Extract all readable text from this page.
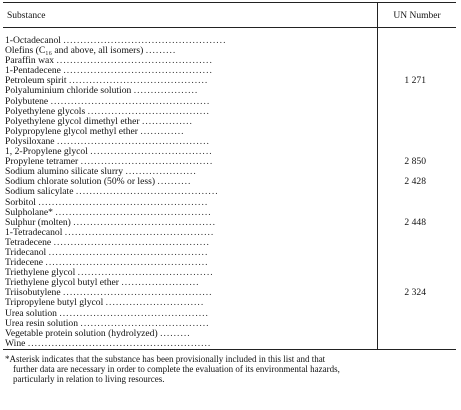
Substance	UN Number

1-Octadecanol ................................................	
Olefins (C₁₆ and above, all isomers) .........	
Paraffin wax ..............................................	
1-Pentadecene ............................................	
Petroleum spirit .........................................	1 271
Polyaluminium chloride solution ...................	
Polybutene ...............................................	
Polyethylene glycols ....................................	
Polyethylene glycol dimethyl ether ...............	
Polypropylene glycol methyl ether .............	
Polysiloxane .............................................	
1, 2-Propylene glycol ....................................	
Propylene tetramer .......................................	2 850
Sodium alumino silicate slurry .....................	
Sodium chlorate solution (50% or less) ..........	2 428
Sodium salicylate ..........................................	
Sorbitol ..................................................	
Sulpholane* ..............................................	
Sulphur (molten) ..........................................	2 448
1-Tetradecanol ............................................	
Tetradecene ..............................................	
Tridecanol ...............................................	
Tridecene ................................................	
Triethylene glycol ........................................	
Triethylene glycol butyl ether .......................	
Triisobutylene ............................................	2 324
Tripropylene butyl glycol .............................	
Urea solution ............................................	
Urea resin solution ......................................	
Vegetable protein solution (hydrolyzed) .........	
Wine ......................................................	
*Asterisk indicates that the substance has been provisionally included in this list and that
further data are necessary in order to complete the evaluation of its environmental hazards,
particularly in relation to living resources.
